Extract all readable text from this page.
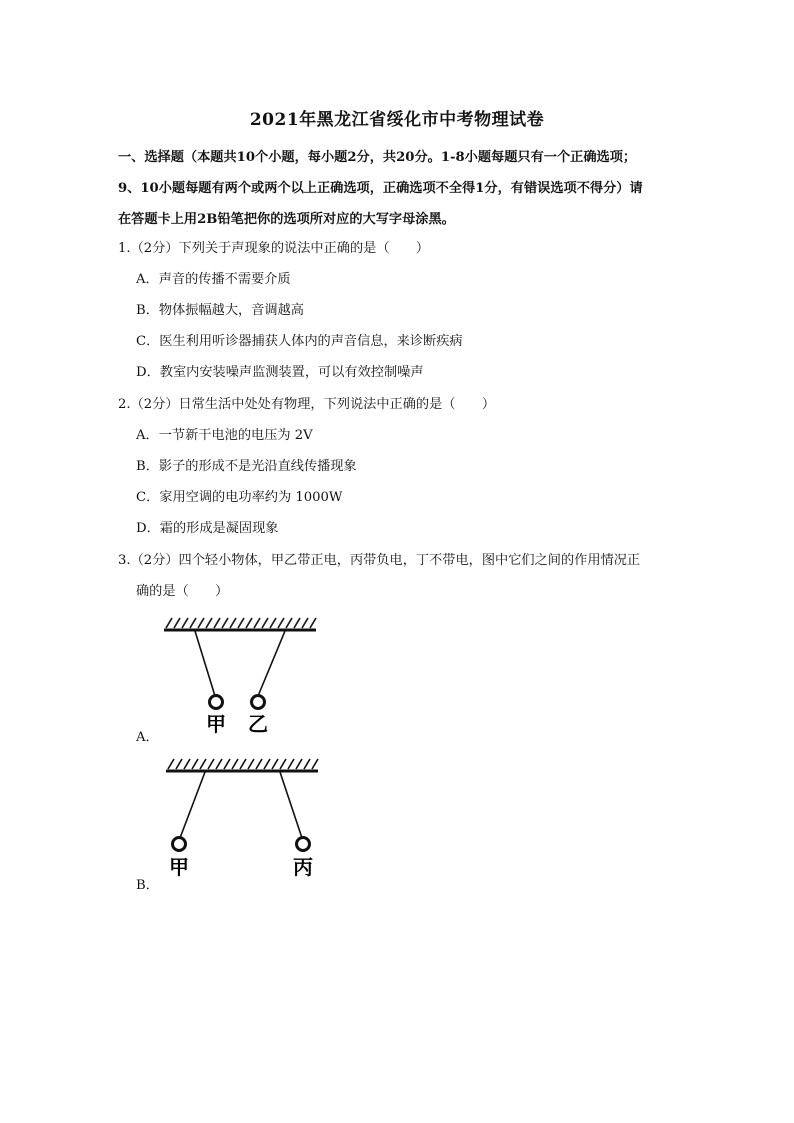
2021年黑龙江省绥化市中考物理试卷
一、选择题（本题共10个小题，每小题2分，共20分。1-8小题每题只有一个正确选项；
9、10小题每题有两个或两个以上正确选项，正确选项不全得1分，有错误选项不得分）请
在答题卡上用2B铅笔把你的选项所对应的大写字母涂黑。
1.（2分）下列关于声现象的说法中正确的是（　　）
A．声音的传播不需要介质
B．物体振幅越大，音调越高
C．医生利用听诊器捕获人体内的声音信息，来诊断疾病
D．教室内安装噪声监测装置，可以有效控制噪声
2.（2分）日常生活中处处有物理，下列说法中正确的是（　　）
A．一节新干电池的电压为 2V
B．影子的形成不是光沿直线传播现象
C．家用空调的电功率约为 1000W
D．霜的形成是凝固现象
3.（2分）四个轻小物体，甲乙带正电，丙带负电，丁不带电，图中它们之间的作用情况正
确的是（　　）
甲 乙
A．
甲	丙
B．
